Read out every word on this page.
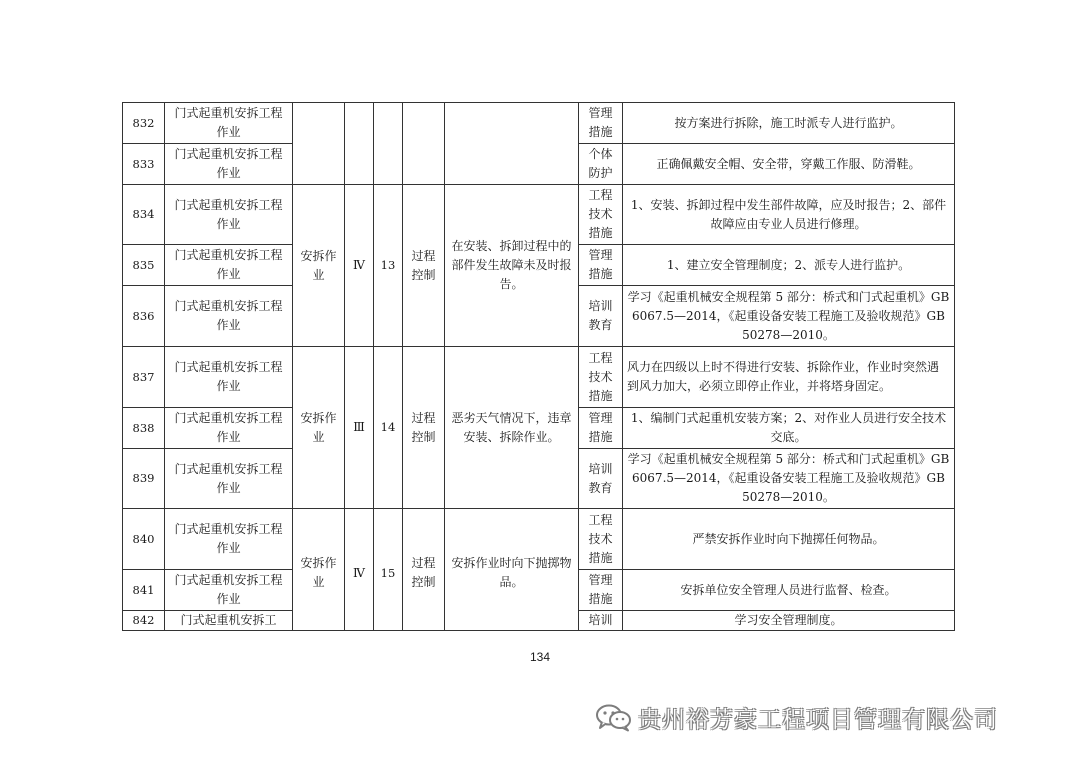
832	门式起重机安拆工程作业						管理措施	按方案进行拆除，施工时派专人进行监护。
833	门式起重机安拆工程作业						个体防护	正确佩戴安全帽、安全带，穿戴工作服、防滑鞋。
834	门式起重机安拆工程作业	安拆作业	Ⅳ	13	过程控制	在安装、拆卸过程中的部件发生故障未及时报告。	工程技术措施	1、安装、拆卸过程中发生部件故障，应及时报告；2、部件故障应由专业人员进行修理。
835	门式起重机安拆工程作业						管理措施	1、建立安全管理制度；2、派专人进行监护。
836	门式起重机安拆工程作业						培训教育	学习《起重机械安全规程第 5 部分：桥式和门式起重机》GB 6067.5—2014，《起重设备安装工程施工及验收规范》GB 50278—2010。
837	门式起重机安拆工程作业	安拆作业	Ⅲ	14	过程控制	恶劣天气情况下，违章安装、拆除作业。	工程技术措施	风力在四级以上时不得进行安装、拆除作业，作业时突然遇到风力加大，必须立即停止作业，并将塔身固定。
838	门式起重机安拆工程作业						管理措施	1、编制门式起重机安装方案；2、对作业人员进行安全技术交底。
839	门式起重机安拆工程作业						培训教育	学习《起重机械安全规程第 5 部分：桥式和门式起重机》GB 6067.5—2014，《起重设备安装工程施工及验收规范》GB 50278—2010。
840	门式起重机安拆工程作业	安拆作业	Ⅳ	15	过程控制	安拆作业时向下抛掷物品。	工程技术措施	严禁安拆作业时向下抛掷任何物品。
841	门式起重机安拆工程作业						管理措施	安拆单位安全管理人员进行监督、检查。
842	门式起重机安拆工						培训	学习安全管理制度。
134
贵州裕芳豪工程项目管理有限公司
